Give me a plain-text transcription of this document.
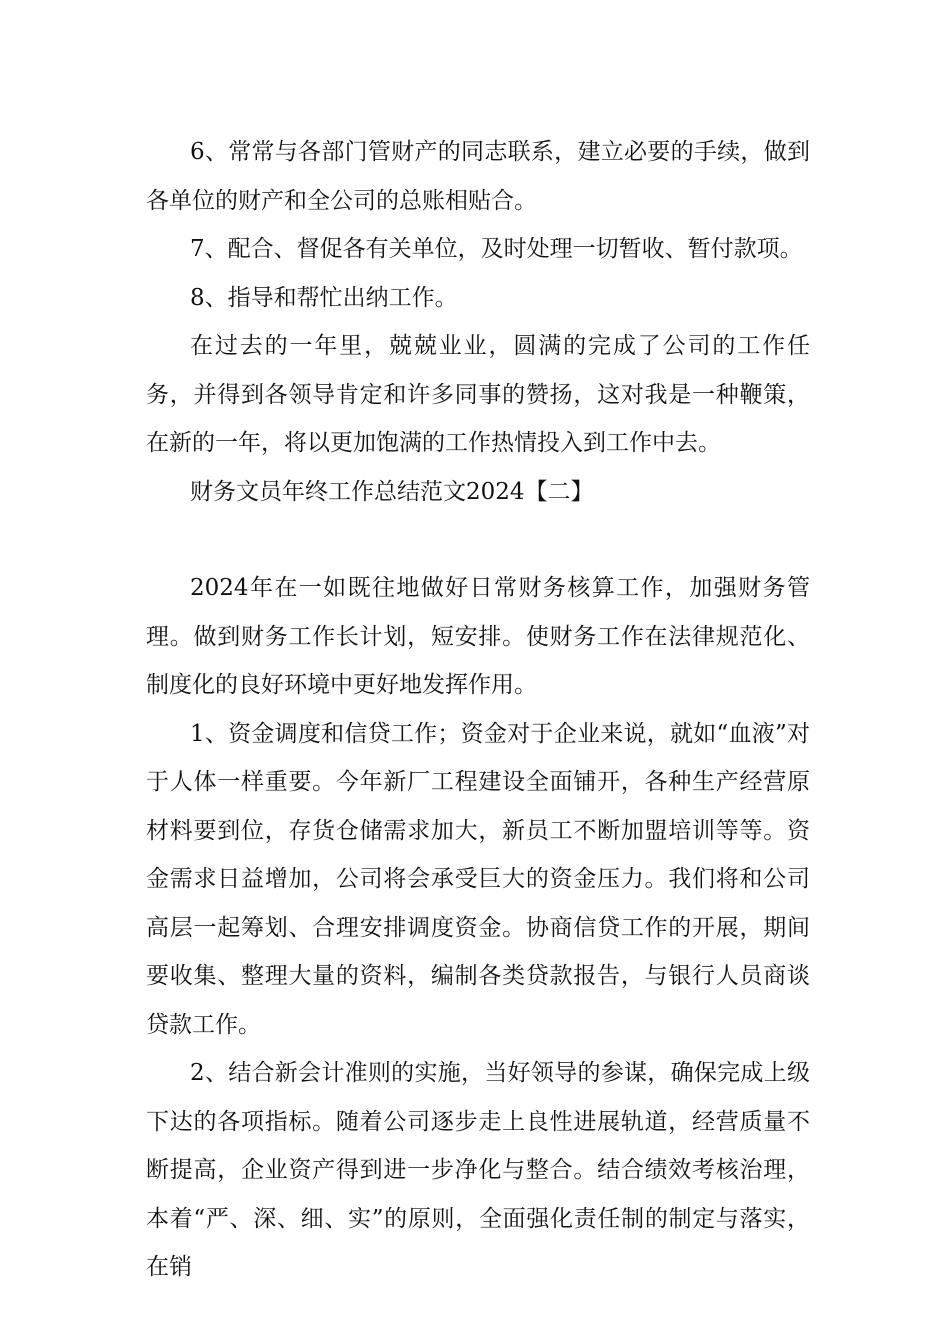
6、常常与各部门管财产的同志联系，建立必要的手续，做到各单位的财产和全公司的总账相贴合。

7、配合、督促各有关单位，及时处理一切暂收、暂付款项。

8、指导和帮忙出纳工作。

在过去的一年里，兢兢业业，圆满的完成了公司的工作任务，并得到各领导肯定和许多同事的赞扬，这对我是一种鞭策，在新的一年，将以更加饱满的工作热情投入到工作中去。

财务文员年终工作总结范文2024【二】

2024年在一如既往地做好日常财务核算工作，加强财务管理。做到财务工作长计划，短安排。使财务工作在法律规范化、制度化的良好环境中更好地发挥作用。

1、资金调度和信贷工作；资金对于企业来说，就如“血液”对于人体一样重要。今年新厂工程建设全面铺开，各种生产经营原材料要到位，存货仓储需求加大，新员工不断加盟培训等等。资金需求日益增加，公司将会承受巨大的资金压力。我们将和公司高层一起筹划、合理安排调度资金。协商信贷工作的开展，期间要收集、整理大量的资料，编制各类贷款报告，与银行人员商谈贷款工作。

2、结合新会计准则的实施，当好领导的参谋，确保完成上级下达的各项指标。随着公司逐步走上良性进展轨道，经营质量不断提高，企业资产得到进一步净化与整合。结合绩效考核治理，本着“严、深、细、实”的原则，全面强化责任制的制定与落实，在销
